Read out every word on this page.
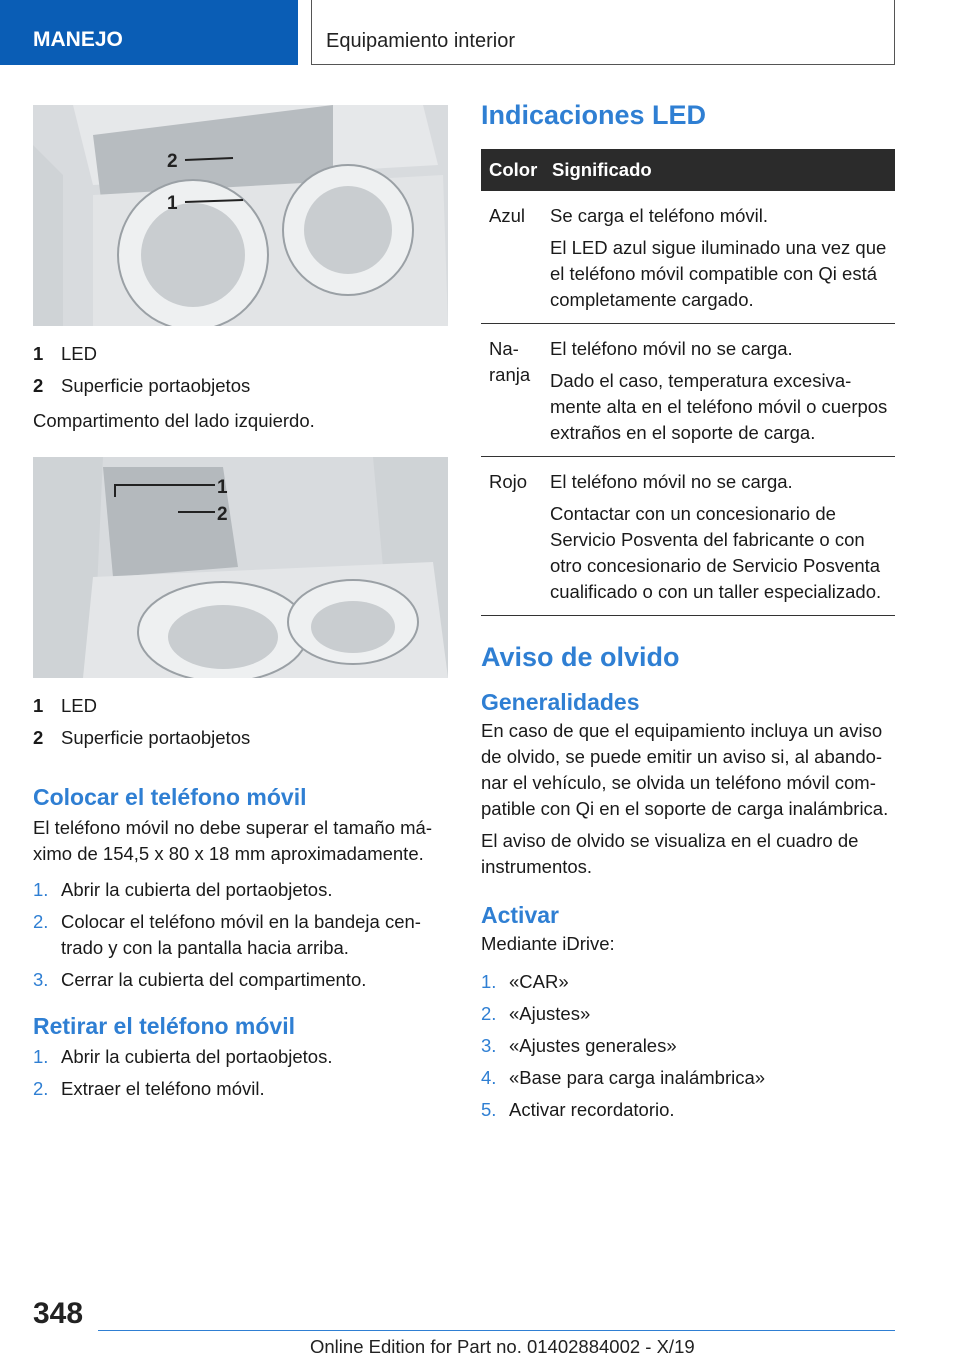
MANEJO	Equipamiento interior
2
1
1 LED
2 Superficie portaobjetos

Compartimento del lado izquierdo.

1
2
1 LED
2 Superficie portaobjetos
Colocar el teléfono móvil

El teléfono móvil no debe superar el tamaño máximo de 154,5 x 80 x 18 mm aproximadamente.

1. Abrir la cubierta del portaobjetos.
2. Colocar el teléfono móvil en la bandeja centrado y con la pantalla hacia arriba.
3. Cerrar la cubierta del compartimento.
Retirar el teléfono móvil
1. Abrir la cubierta del portaobjetos.
2. Extraer el teléfono móvil.
Indicaciones LED
Color	Significado
Azul	Se carga el teléfono móvil.
El LED azul sigue iluminado una vez que el teléfono móvil compatible con Qi está completamente cargado.

Naranja	El teléfono móvil no se carga.
Dado el caso, temperatura excesivamente alta en el teléfono móvil o cuerpos extraños en el soporte de carga.

Rojo	El teléfono móvil no se carga.
Contactar con un concesionario de Servicio Posventa del fabricante o con otro concesionario de Servicio Posventa cualificado o con un taller especializado.
Aviso de olvido
Generalidades

En caso de que el equipamiento incluya un aviso de olvido, se puede emitir un aviso si, al abandonar el vehículo, se olvida un teléfono móvil compatible con Qi en el soporte de carga inalámbrica.

El aviso de olvido se visualiza en el cuadro de instrumentos.

Activar

Mediante iDrive:

1. «CAR»
2. «Ajustes»
3. «Ajustes generales»
4. «Base para carga inalámbrica»
5. Activar recordatorio.
348
Online Edition for Part no. 01402884002 - X/19
